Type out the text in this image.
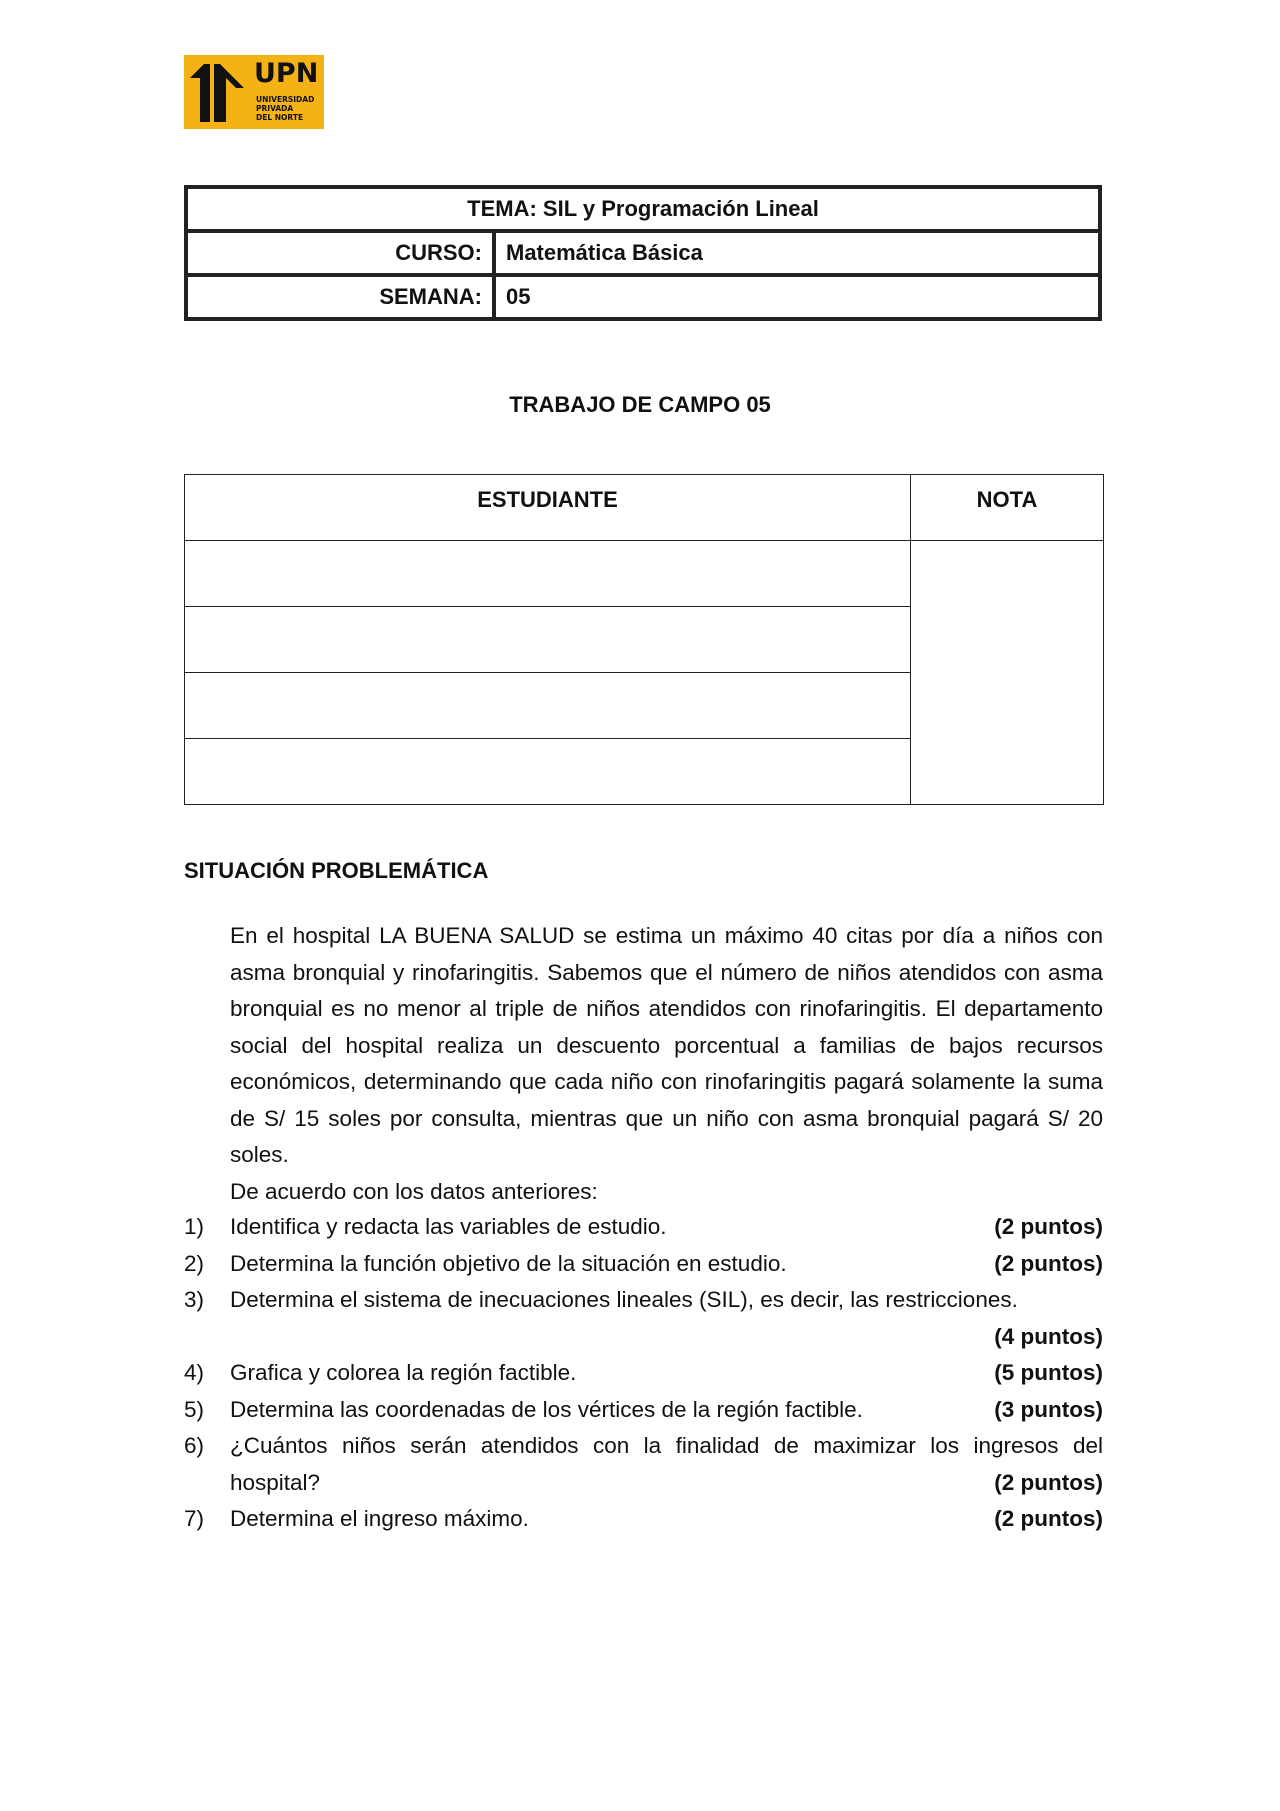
UPN
UNIVERSIDAD
PRIVADA
DEL NORTE
TEMA: SIL y Programación Lineal	
CURSO:	Matemática Básica
SEMANA:	05
TRABAJO DE CAMPO 05
ESTUDIANTE	NOTA

SITUACIÓN PROBLEMÁTICA

En el hospital LA BUENA SALUD se estima un máximo 40 citas por día a niños con asma bronquial y rinofaringitis. Sabemos que el número de niños atendidos con asma bronquial es no menor al triple de niños atendidos con rinofaringitis. El departamento social del hospital realiza un descuento porcentual a familias de bajos recursos económicos, determinando que cada niño con rinofaringitis pagará solamente la suma de S/ 15 soles por consulta, mientras que un niño con asma bronquial pagará S/ 20 soles.

De acuerdo con los datos anteriores:

1) Identifica y redacta las variables de estudio.	(2 puntos)
2) Determina la función objetivo de la situación en estudio.	(2 puntos)
3) Determina el sistema de inecuaciones lineales (SIL), es decir, las restricciones.
(4 puntos)
4) Grafica y colorea la región factible.	(5 puntos)
5) Determina las coordenadas de los vértices de la región factible.	(3 puntos)
6) ¿Cuántos niños serán atendidos con la finalidad de maximizar los ingresos del hospital?	(2 puntos)
7) Determina el ingreso máximo.	(2 puntos)
